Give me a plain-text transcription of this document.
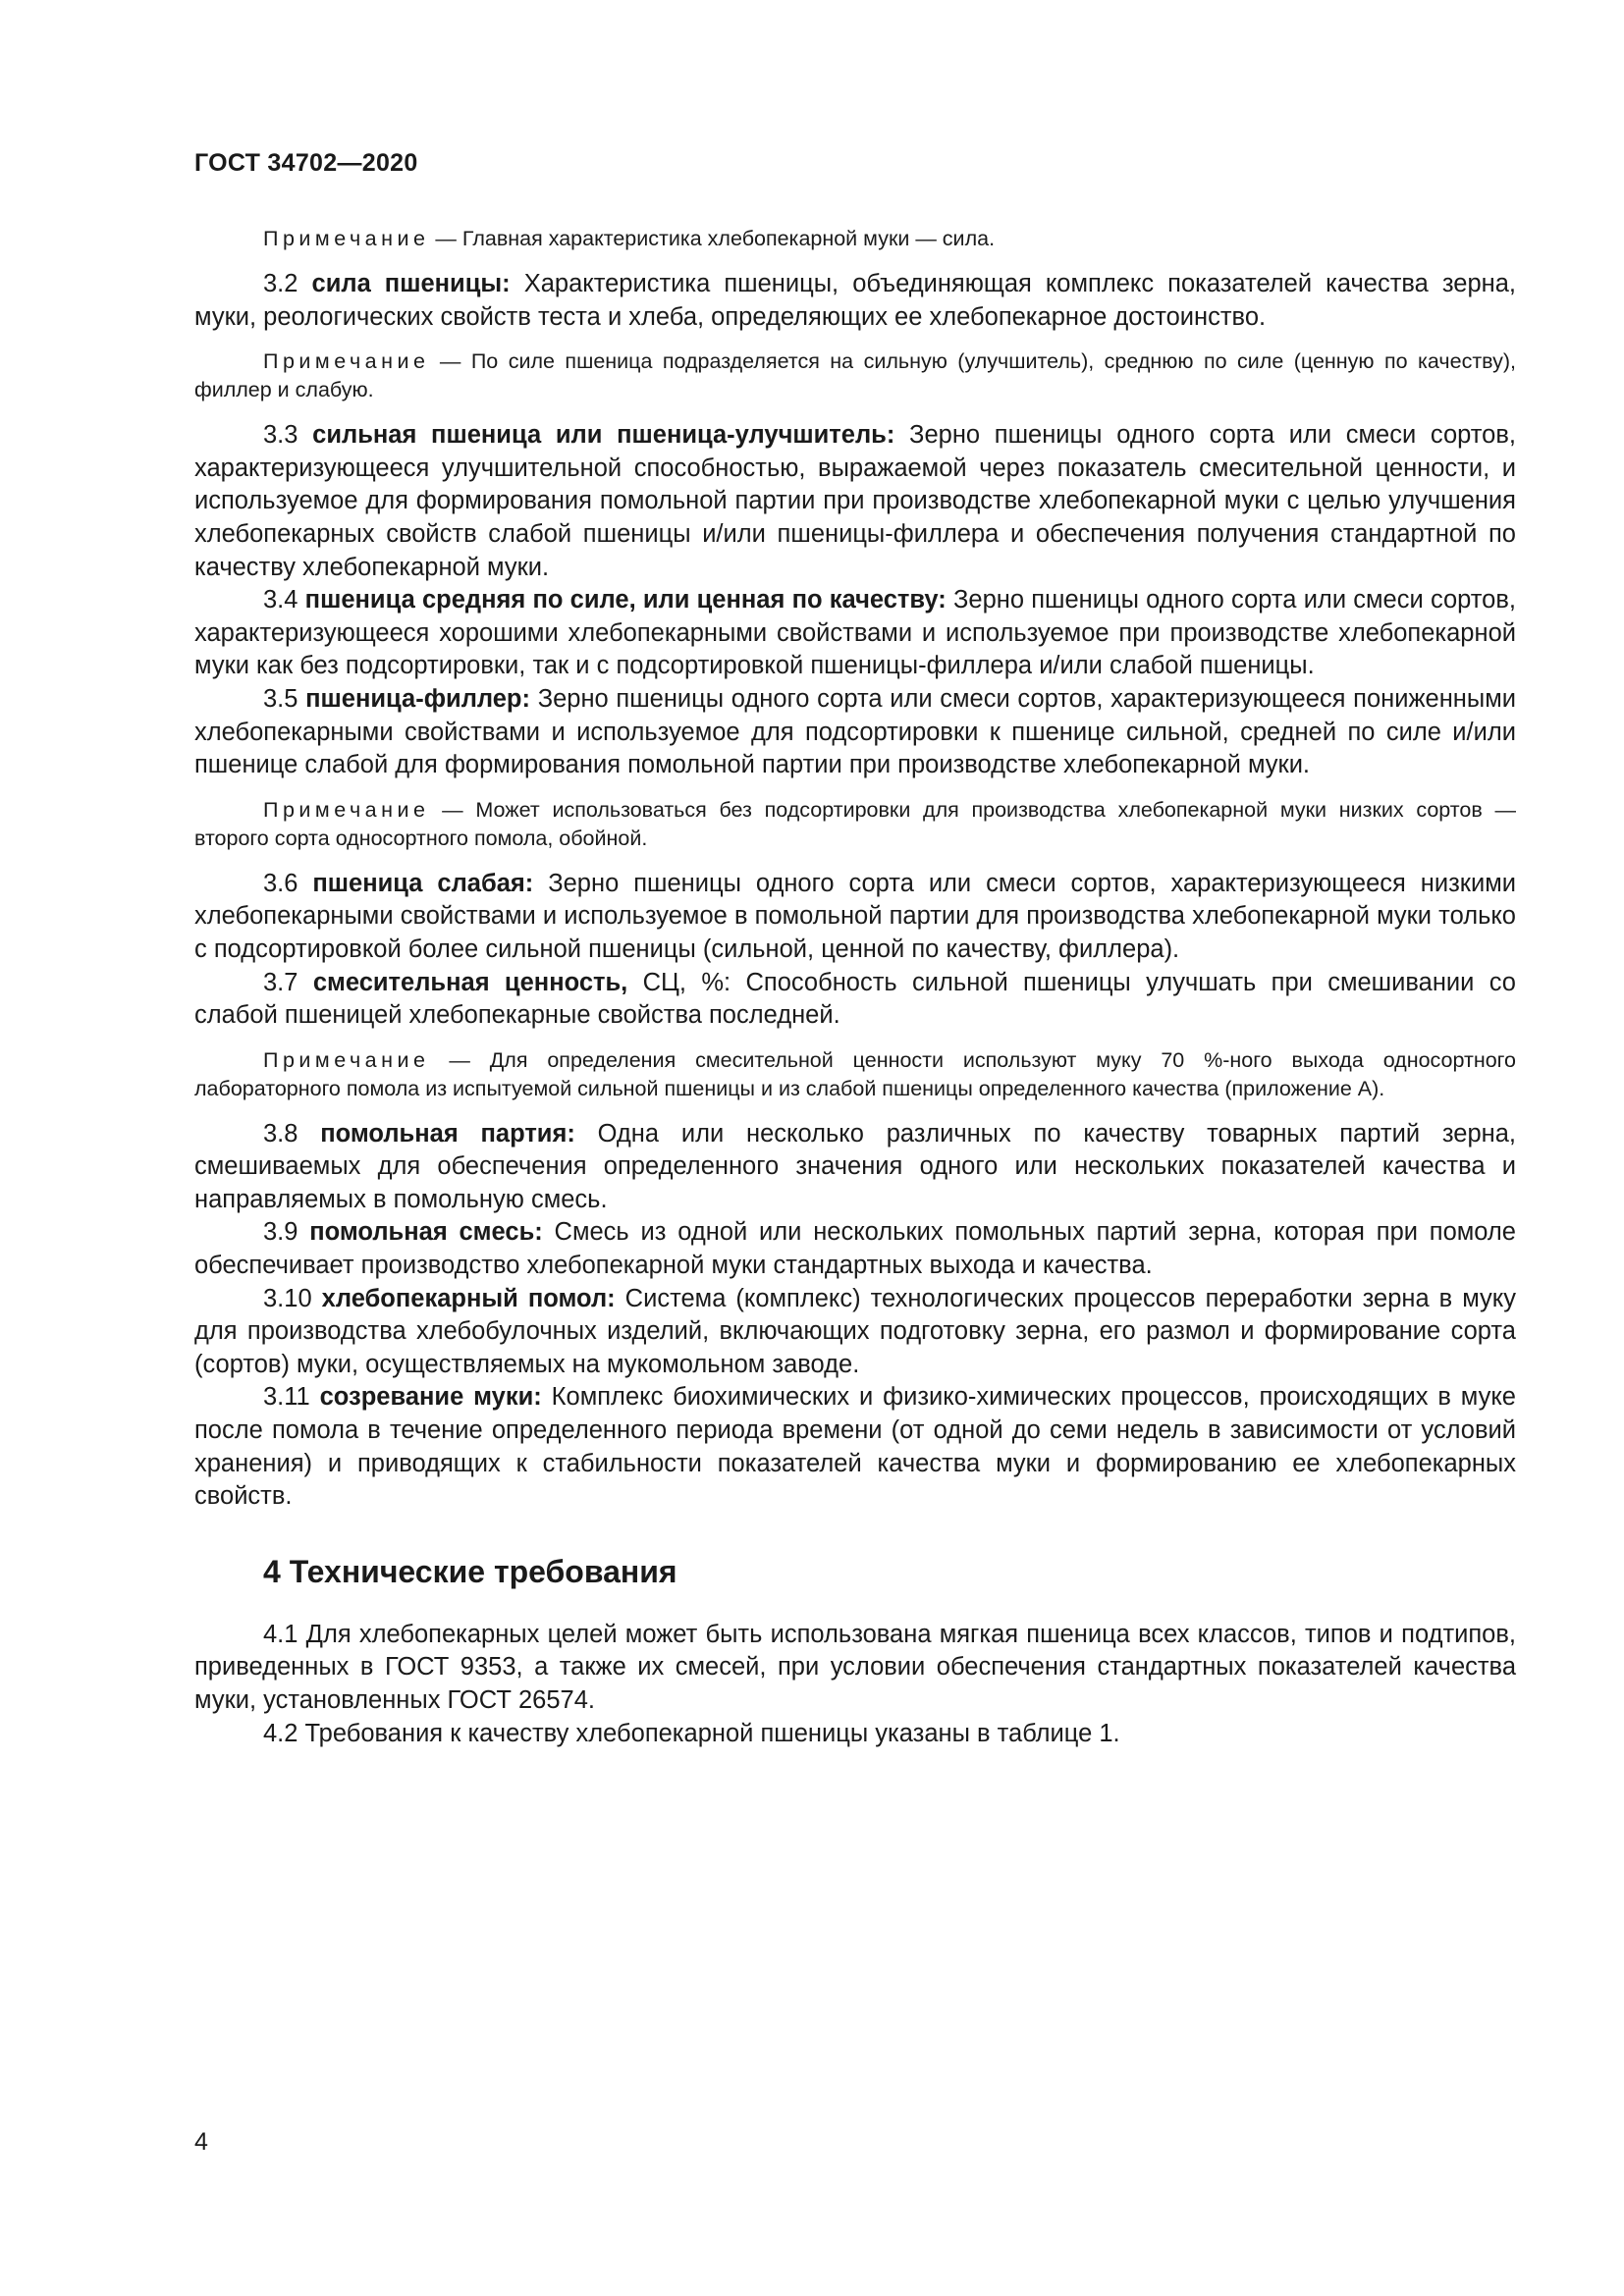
ГОСТ 34702—2020

Примечание — Главная характеристика хлебопекарной муки — сила.

3.2 сила пшеницы: Характеристика пшеницы, объединяющая комплекс показателей качества зерна, муки, реологических свойств теста и хлеба, определяющих ее хлебопекарное достоинство.

Примечание — По силе пшеница подразделяется на сильную (улучшитель), среднюю по силе (ценную по качеству), филлер и слабую.

3.3 сильная пшеница или пшеница-улучшитель: Зерно пшеницы одного сорта или смеси сортов, характеризующееся улучшительной способностью, выражаемой через показатель смесительной ценности, и используемое для формирования помольной партии при производстве хлебопекарной муки с целью улучшения хлебопекарных свойств слабой пшеницы и/или пшеницы-филлера и обеспечения получения стандартной по качеству хлебопекарной муки.

3.4 пшеница средняя по силе, или ценная по качеству: Зерно пшеницы одного сорта или смеси сортов, характеризующееся хорошими хлебопекарными свойствами и используемое при производстве хлебопекарной муки как без подсортировки, так и с подсортировкой пшеницы-филлера и/или слабой пшеницы.

3.5 пшеница-филлер: Зерно пшеницы одного сорта или смеси сортов, характеризующееся пониженными хлебопекарными свойствами и используемое для подсортировки к пшенице сильной, средней по силе и/или пшенице слабой для формирования помольной партии при производстве хлебопекарной муки.

Примечание — Может использоваться без подсортировки для производства хлебопекарной муки низких сортов — второго сорта односортного помола, обойной.

3.6 пшеница слабая: Зерно пшеницы одного сорта или смеси сортов, характеризующееся низкими хлебопекарными свойствами и используемое в помольной партии для производства хлебопекарной муки только с подсортировкой более сильной пшеницы (сильной, ценной по качеству, филлера).

3.7 смесительная ценность, СЦ, %: Способность сильной пшеницы улучшать при смешивании со слабой пшеницей хлебопекарные свойства последней.

Примечание — Для определения смесительной ценности используют муку 70 %-ного выхода односортного лабораторного помола из испытуемой сильной пшеницы и из слабой пшеницы определенного качества (приложение А).

3.8 помольная партия: Одна или несколько различных по качеству товарных партий зерна, смешиваемых для обеспечения определенного значения одного или нескольких показателей качества и направляемых в помольную смесь.

3.9 помольная смесь: Смесь из одной или нескольких помольных партий зерна, которая при помоле обеспечивает производство хлебопекарной муки стандартных выхода и качества.

3.10 хлебопекарный помол: Система (комплекс) технологических процессов переработки зерна в муку для производства хлебобулочных изделий, включающих подготовку зерна, его размол и формирование сорта (сортов) муки, осуществляемых на мукомольном заводе.

3.11 созревание муки: Комплекс биохимических и физико-химических процессов, происходящих в муке после помола в течение определенного периода времени (от одной до семи недель в зависимости от условий хранения) и приводящих к стабильности показателей качества муки и формированию ее хлебопекарных свойств.

4 Технические требования

4.1 Для хлебопекарных целей может быть использована мягкая пшеница всех классов, типов и подтипов, приведенных в ГОСТ 9353, а также их смесей, при условии обеспечения стандартных показателей качества муки, установленных ГОСТ 26574.

4.2 Требования к качеству хлебопекарной пшеницы указаны в таблице 1.

4
